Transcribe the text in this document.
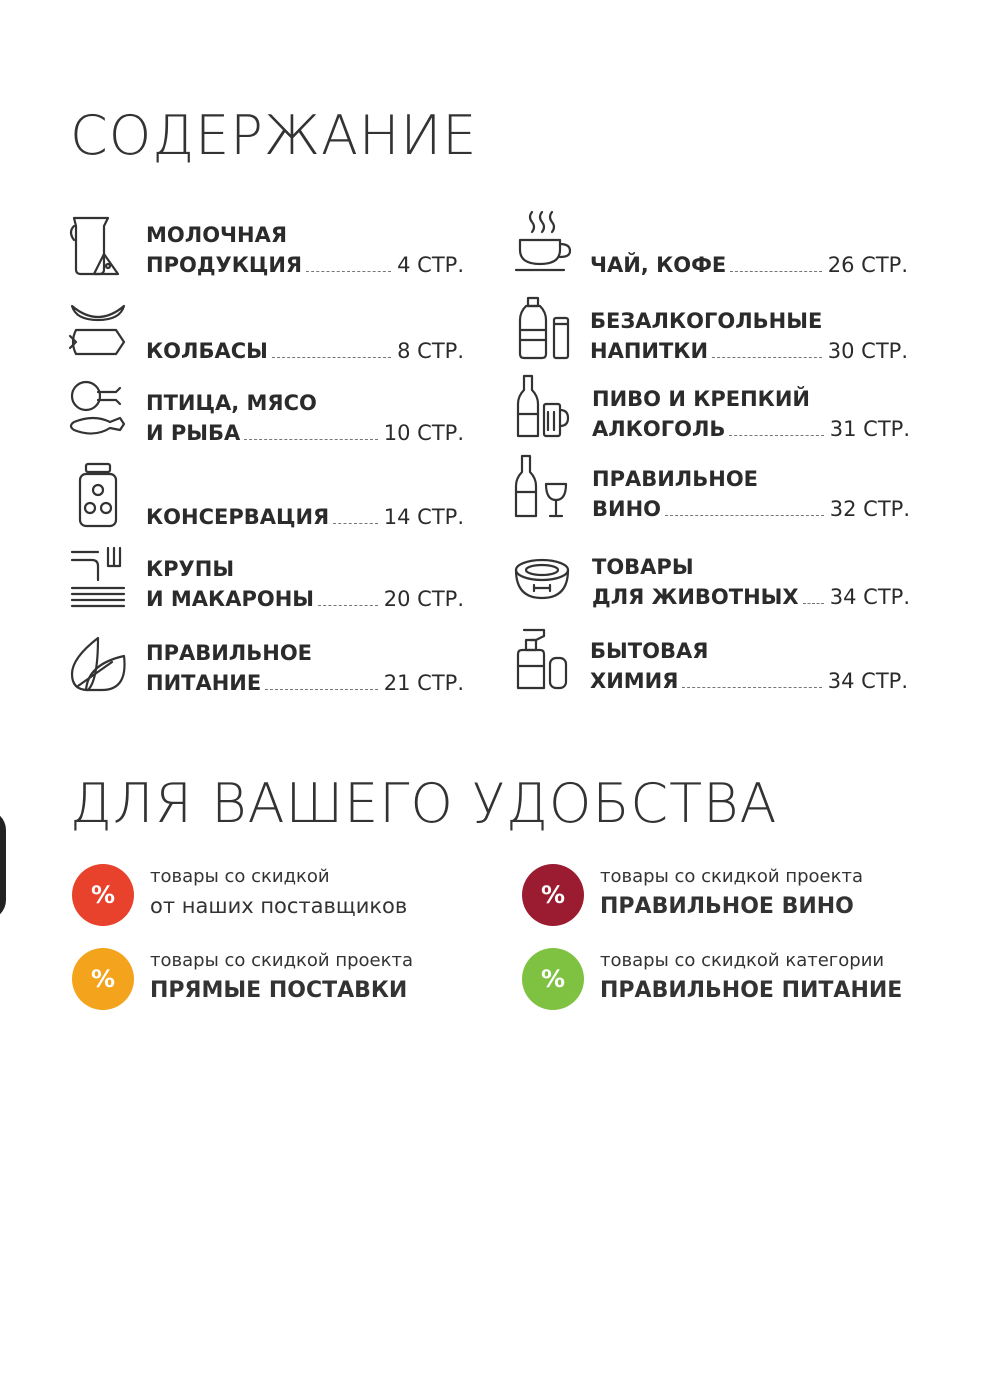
СОДЕРЖАНИЕ
МОЛОЧНАЯ
ПРОДУКЦИЯ	4 СТР.
КОЛБАСЫ	8 СТР.
ПТИЦА, МЯСО
И РЫБА	10 СТР.
КОНСЕРВАЦИЯ	14 СТР.
КРУПЫ
И МАКАРОНЫ	20 СТР.
ПРАВИЛЬНОЕ
ПИТАНИЕ	21 СТР.
ЧАЙ, КОФЕ	26 СТР.
БЕЗАЛКОГОЛЬНЫЕ
НАПИТКИ	30 СТР.
ПИВО И КРЕПКИЙ
АЛКОГОЛЬ	31 СТР.
ПРАВИЛЬНОЕ
ВИНО	32 СТР.
ТОВАРЫ
ДЛЯ ЖИВОТНЫХ 34 СТР.
БЫТОВАЯ
ХИМИЯ	34 СТР.
ДЛЯ ВАШЕГО УДОБСТВА
%
товары со скидкой
от наших поставщиков	%
товары со скидкой проекта
ПРАВИЛЬНОЕ ВИНО
%
товары со скидкой проекта
ПРЯМЫЕ ПОСТАВКИ	%
товары со скидкой категории
ПРАВИЛЬНОЕ ПИТАНИЕ
